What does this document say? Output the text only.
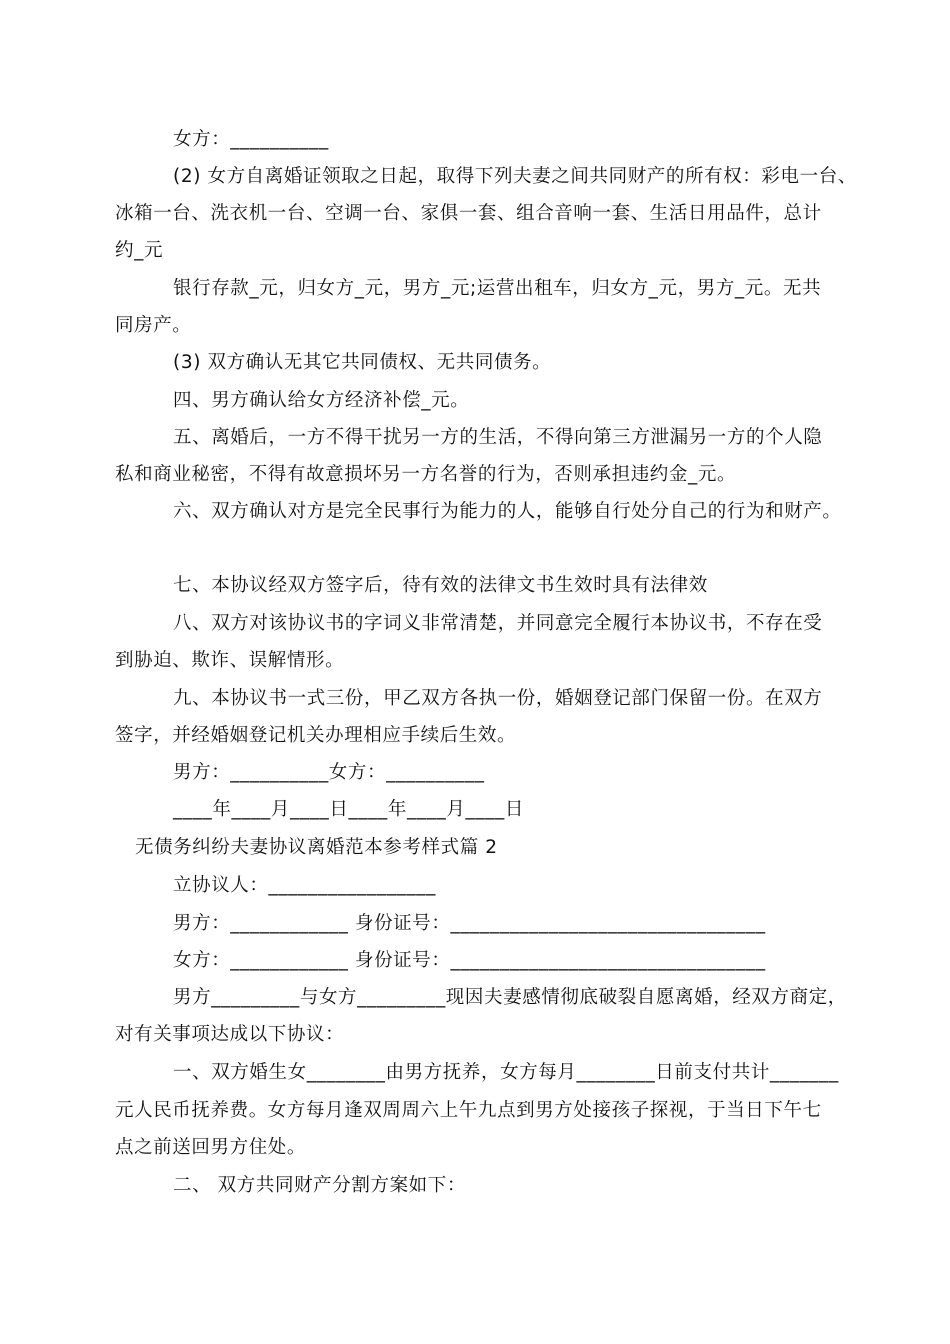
女方：__________
(2) 女方自离婚证领取之日起，取得下列夫妻之间共同财产的所有权：彩电一台、
冰箱一台、洗衣机一台、空调一台、家俱一套、组合音响一套、生活日用品件，总计
约_元
银行存款_元，归女方_元，男方_元;运营出租车，归女方_元，男方_元。无共
同房产。
(3) 双方确认无其它共同债权、无共同债务。
四、男方确认给女方经济补偿_元。
五、离婚后，一方不得干扰另一方的生活，不得向第三方泄漏另一方的个人隐
私和商业秘密，不得有故意损坏另一方名誉的行为，否则承担违约金_元。
六、双方确认对方是完全民事行为能力的人，能够自行处分自己的行为和财产。
七、本协议经双方签字后，待有效的法律文书生效时具有法律效
八、双方对该协议书的字词义非常清楚，并同意完全履行本协议书，不存在受
到胁迫、欺诈、误解情形。
九、本协议书一式三份，甲乙双方各执一份，婚姻登记部门保留一份。在双方
签字，并经婚姻登记机关办理相应手续后生效。
男方：__________女方：__________
____年____月____日____年____月____日
无债务纠纷夫妻协议离婚范本参考样式篇 2
立协议人：_________________
男方：____________ 身份证号：________________________________
女方：____________ 身份证号：________________________________
男方_________与女方_________现因夫妻感情彻底破裂自愿离婚，经双方商定，
对有关事项达成以下协议：
一、双方婚生女________由男方抚养，女方每月________日前支付共计_______
元人民币抚养费。女方每月逢双周周六上午九点到男方处接孩子探视，于当日下午七
点之前送回男方住处。
二、 双方共同财产分割方案如下：
